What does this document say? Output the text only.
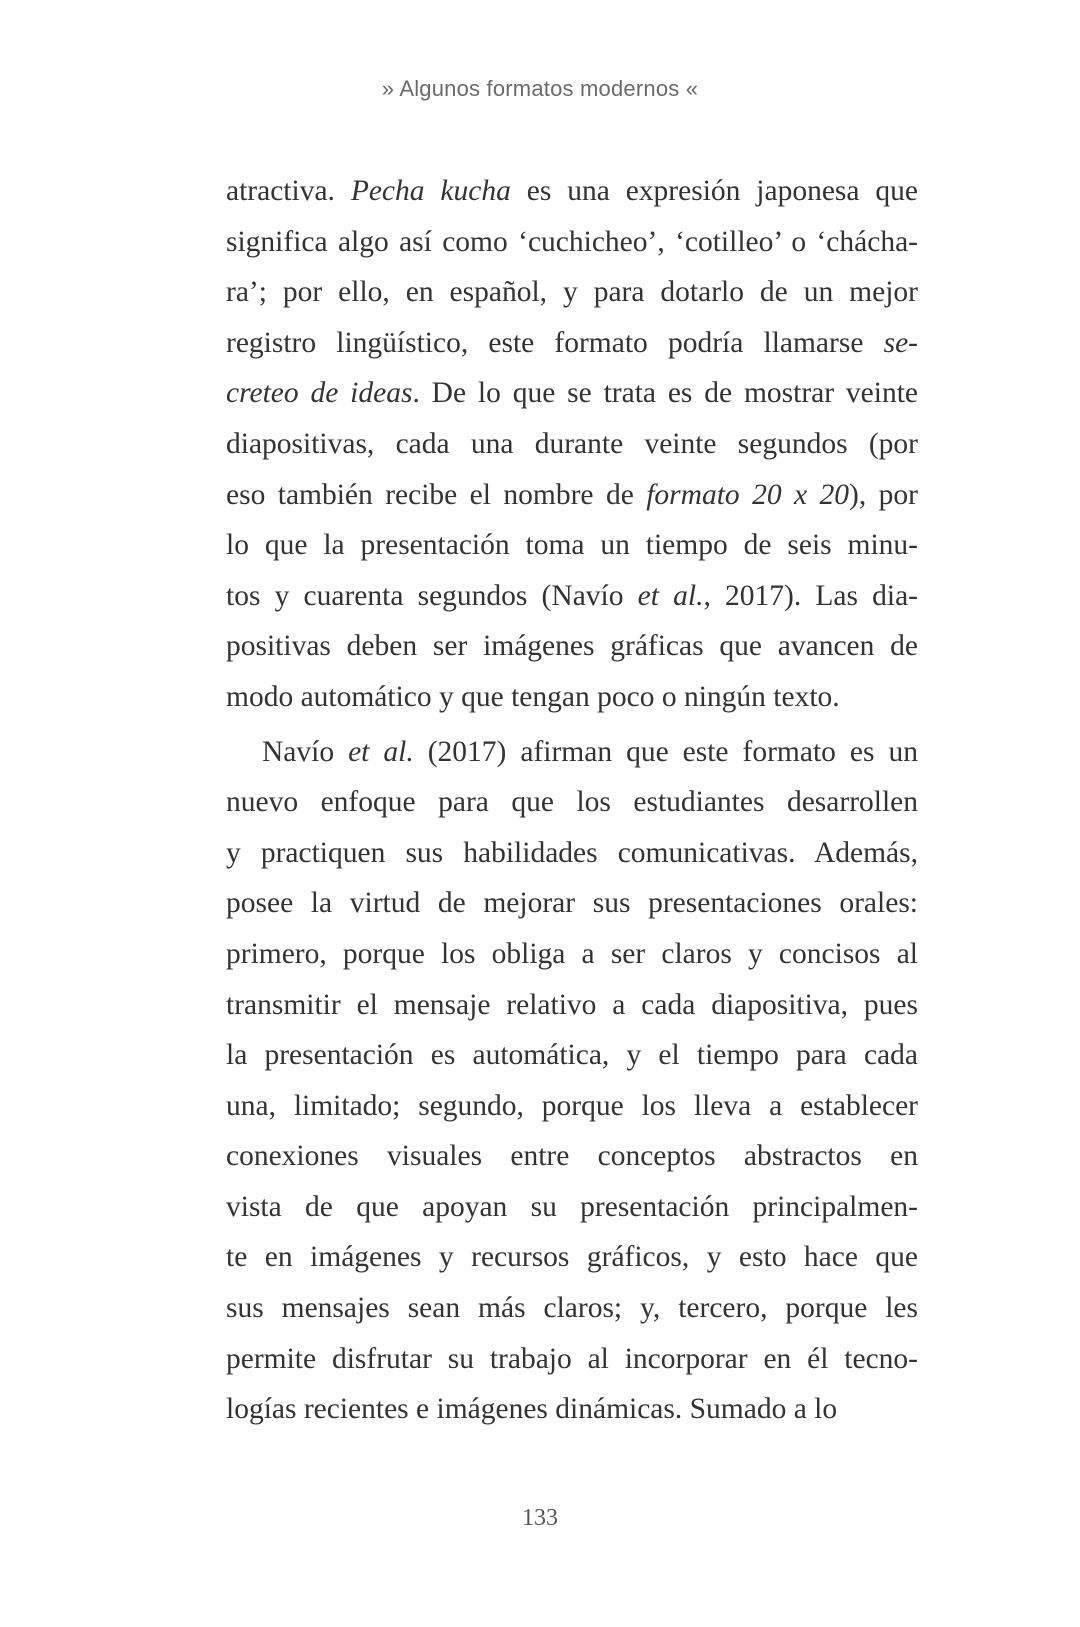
» Algunos formatos modernos «
atractiva. Pecha kucha es una expresión japonesa que
significa algo así como ‘cuchicheo’, ‘cotilleo’ o ‘chácha-
ra’; por ello, en español, y para dotarlo de un mejor
registro lingüístico, este formato podría llamarse se-
creteo de ideas. De lo que se trata es de mostrar veinte
diapositivas, cada una durante veinte segundos (por
eso también recibe el nombre de formato 20 x 20), por
lo que la presentación toma un tiempo de seis minu-
tos y cuarenta segundos (Navío et al., 2017). Las dia-
positivas deben ser imágenes gráficas que avancen de
modo automático y que tengan poco o ningún texto.
Navío et al. (2017) afirman que este formato es un
nuevo enfoque para que los estudiantes desarrollen
y practiquen sus habilidades comunicativas. Además,
posee la virtud de mejorar sus presentaciones orales:
primero, porque los obliga a ser claros y concisos al
transmitir el mensaje relativo a cada diapositiva, pues
la presentación es automática, y el tiempo para cada
una, limitado; segundo, porque los lleva a establecer
conexiones visuales entre conceptos abstractos en
vista de que apoyan su presentación principalmen-
te en imágenes y recursos gráficos, y esto hace que
sus mensajes sean más claros; y, tercero, porque les
permite disfrutar su trabajo al incorporar en él tecno-
logías recientes e imágenes dinámicas. Sumado a lo
133
